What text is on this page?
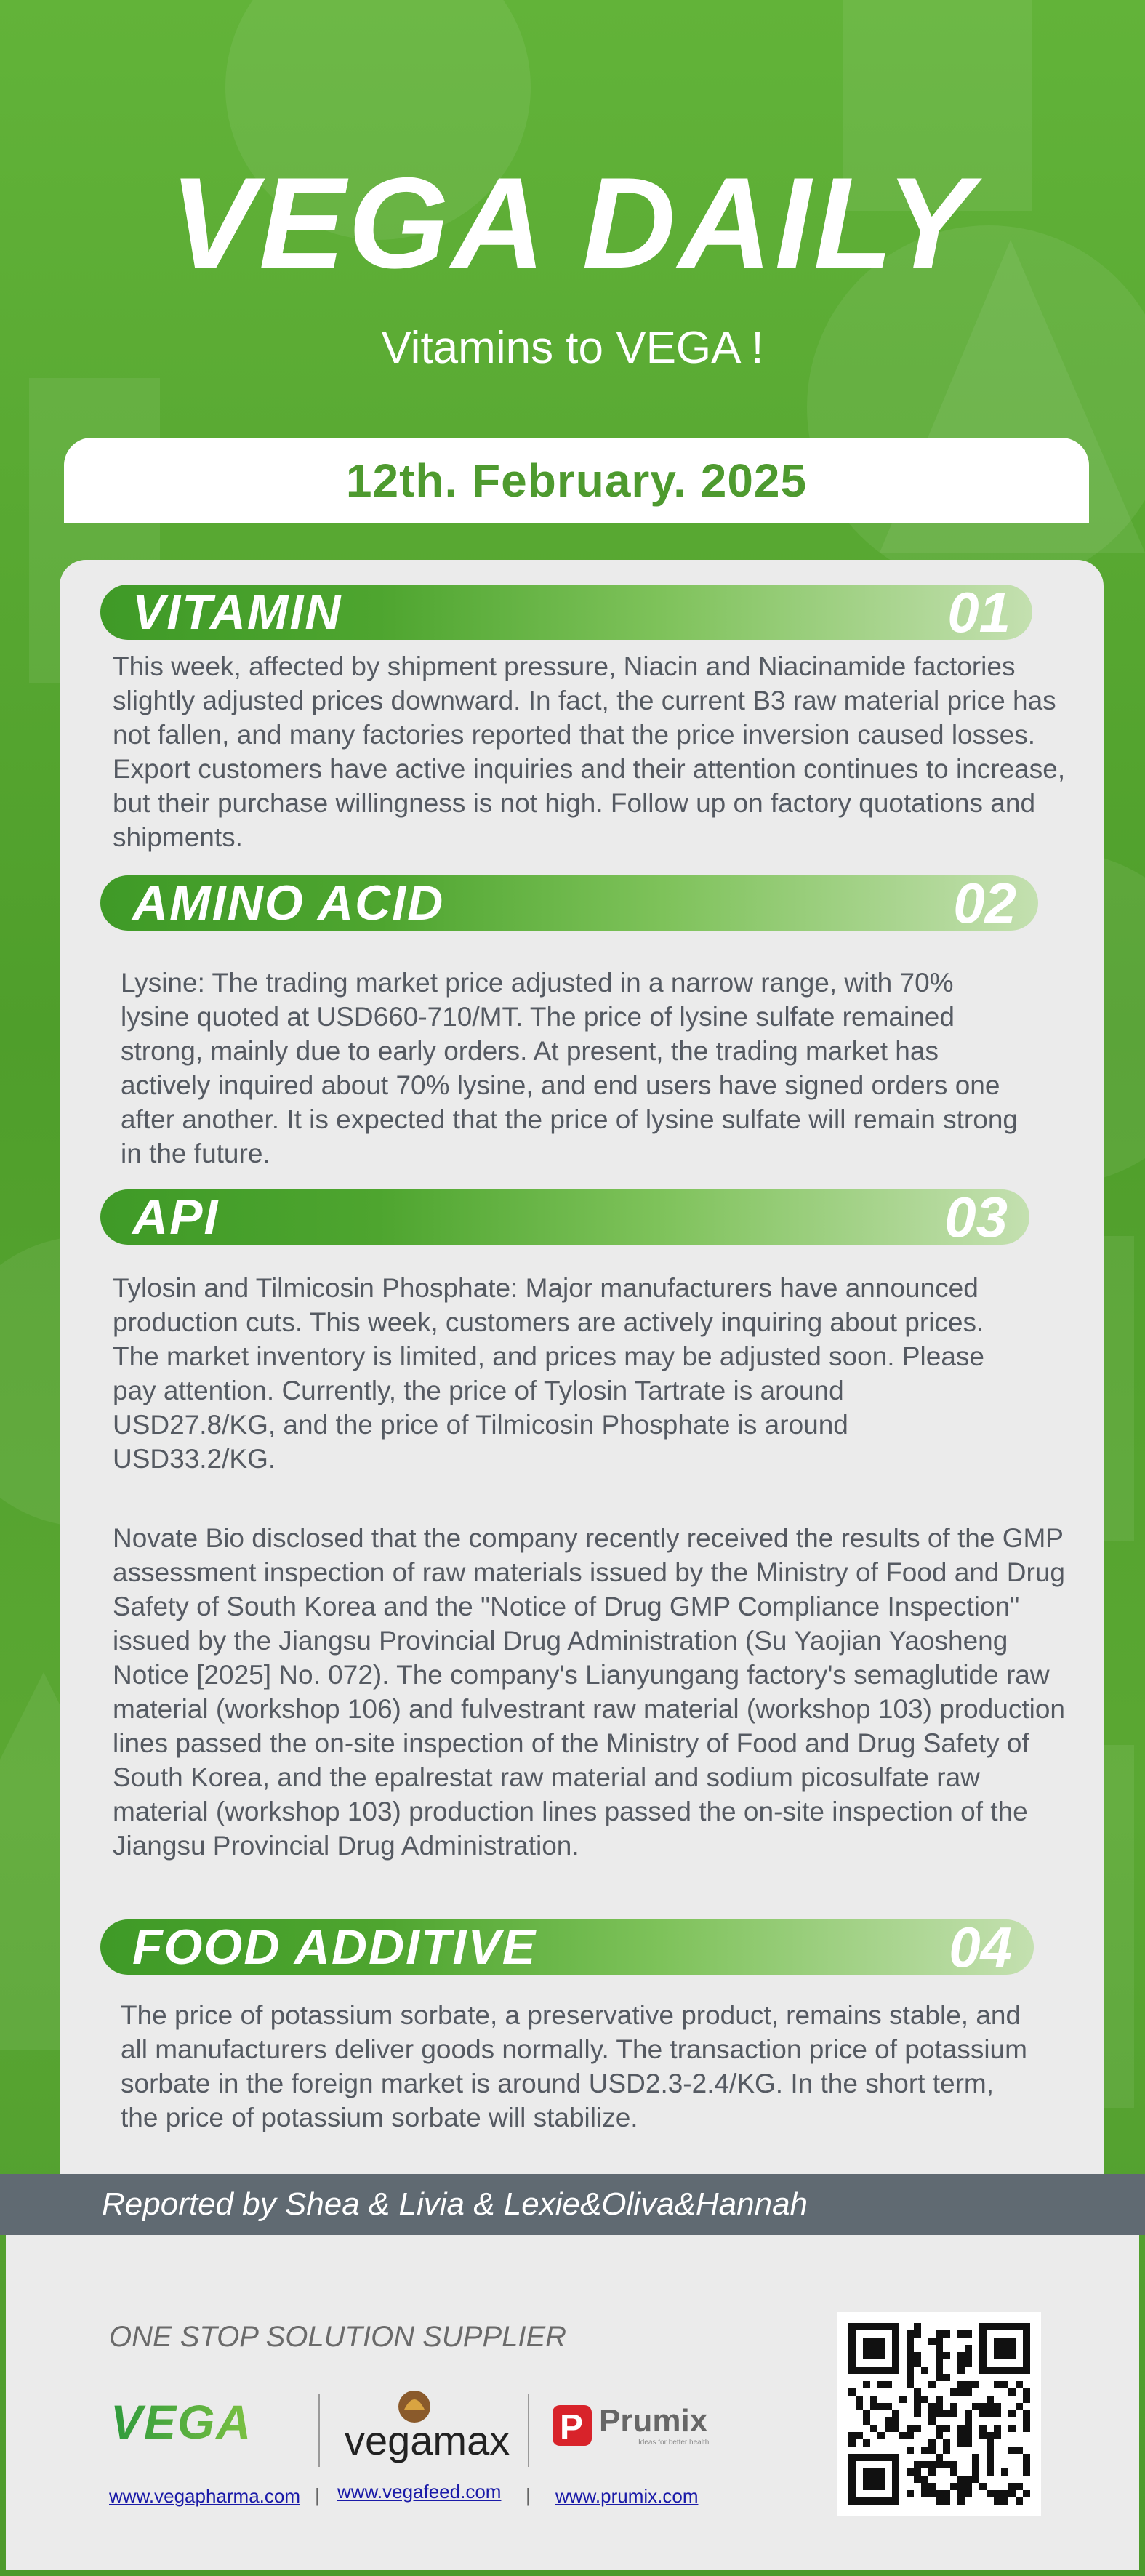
VEGA DAILY
Vitamins to VEGA !
12th. February. 2025
VITAMIN	01

This week, affected by shipment pressure, Niacin and Niacinamide factories slightly adjusted prices downward. In fact, the current B3 raw material price has not fallen, and many factories reported that the price inversion caused losses. Export customers have active inquiries and their attention continues to increase, but their purchase willingness is not high. Follow up on factory quotations and shipments.

AMINO ACID	02

Lysine: The trading market price adjusted in a narrow range, with 70% lysine quoted at USD660-710/MT. The price of lysine sulfate remained strong, mainly due to early orders. At present, the trading market has actively inquired about 70% lysine, and end users have signed orders one after another. It is expected that the price of lysine sulfate will remain strong in the future.

API	03

Tylosin and Tilmicosin Phosphate: Major manufacturers have announced production cuts. This week, customers are actively inquiring about prices. The market inventory is limited, and prices may be adjusted soon. Please pay attention. Currently, the price of Tylosin Tartrate is around USD27.8/KG, and the price of Tilmicosin Phosphate is around USD33.2/KG.

Novate Bio disclosed that the company recently received the results of the GMP assessment inspection of raw materials issued by the Ministry of Food and Drug Safety of South Korea and the "Notice of Drug GMP Compliance Inspection" issued by the Jiangsu Provincial Drug Administration (Su Yaojian Yaosheng Notice [2025] No. 072). The company's Lianyungang factory's semaglutide raw material (workshop 106) and fulvestrant raw material (workshop 103) production lines passed the on-site inspection of the Ministry of Food and Drug Safety of South Korea, and the epalrestat raw material and sodium picosulfate raw material (workshop 103) production lines passed the on-site inspection of the Jiangsu Provincial Drug Administration.

FOOD ADDITIVE	04

The price of potassium sorbate, a preservative product, remains stable, and all manufacturers deliver goods normally. The transaction price of potassium sorbate in the foreign market is around USD2.3-2.4/KG. In the short term, the price of potassium sorbate will stabilize.

Reported by Shea & Livia & Lexie&Oliva&Hannah
ONE STOP SOLUTION SUPPLIER
VEGA vegamax P Prumix
Ideas for better health
www.vegapharma.com | www.vegafeed.com | www.prumix.com
